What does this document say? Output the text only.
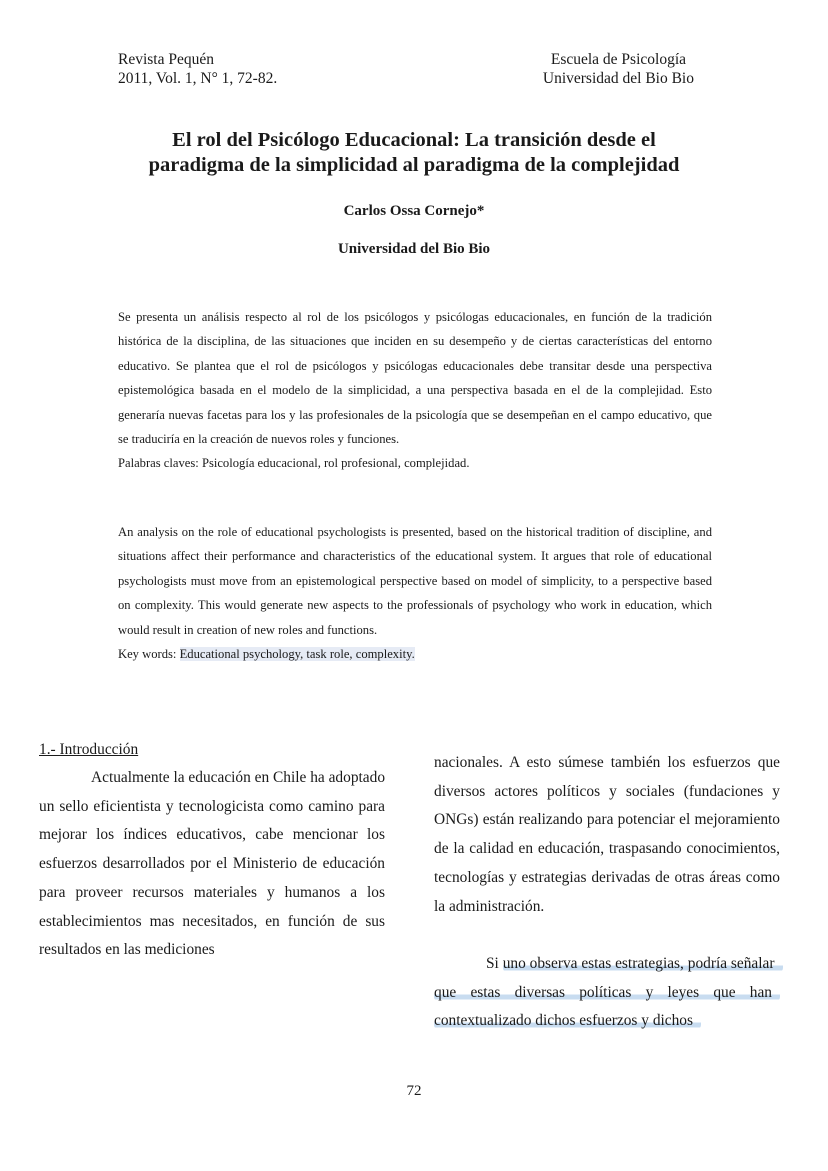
Revista Pequén
2011, Vol. 1, N° 1, 72-82.
Escuela de Psicología
Universidad del Bio Bio
El rol del Psicólogo Educacional: La transición desde el
paradigma de la simplicidad al paradigma de la complejidad
Carlos Ossa Cornejo*
Universidad del Bio Bio

Se presenta un análisis respecto al rol de los psicólogos y psicólogas educacionales, en función de la tradición histórica de la disciplina, de las situaciones que inciden en su desempeño y de ciertas características del entorno educativo. Se plantea que el rol de psicólogos y psicólogas educacionales debe transitar desde una perspectiva epistemológica basada en el modelo de la simplicidad, a una perspectiva basada en el de la complejidad. Esto generaría nuevas facetas para los y las profesionales de la psicología que se desempeñan en el campo educativo, que se traduciría en la creación de nuevos roles y funciones.

Palabras claves: Psicología educacional, rol profesional, complejidad.

An analysis on the role of educational psychologists is presented, based on the historical tradition of discipline, and situations affect their performance and characteristics of the educational system. It argues that role of educational psychologists must move from an epistemological perspective based on model of simplicity, to a perspective based on complexity. This would generate new aspects to the professionals of psychology who work in education, which would result in creation of new roles and functions.

Key words: Educational psychology, task role, complexity.

1.- Introducción

Actualmente la educación en Chile ha adoptado un sello eficientista y tecnologicista como camino para mejorar los índices educativos, cabe mencionar los esfuerzos desarrollados por el Ministerio de educación para proveer recursos materiales y humanos a los establecimientos mas necesitados, en función de sus resultados en las mediciones

nacionales. A esto súmese también los esfuerzos que diversos actores políticos y sociales (fundaciones y ONGs) están realizando para potenciar el mejoramiento de la calidad en educación, traspasando conocimientos, tecnologías y estrategias derivadas de otras áreas como la administración.

Si uno observa estas estrategias, podría señalar que estas diversas políticas y leyes que han contextualizado dichos esfuerzos y dichos

72
